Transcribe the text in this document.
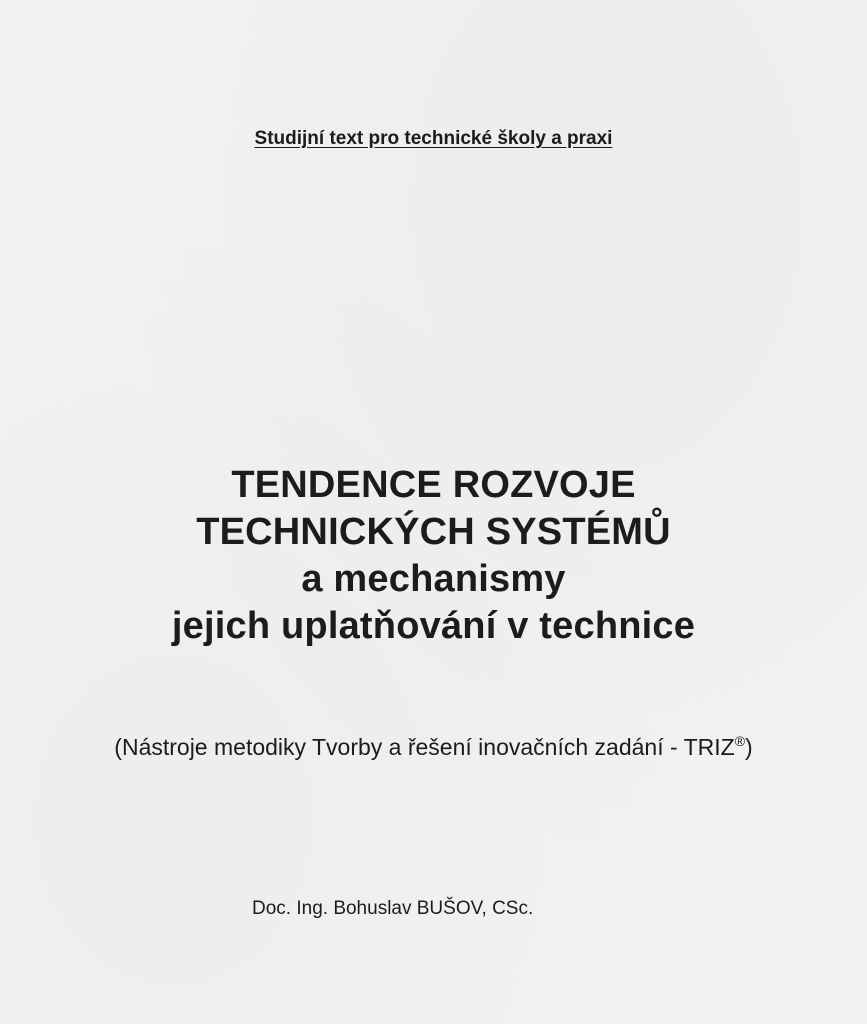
Studijní text pro technické školy a praxi
TENDENCE ROZVOJE
TECHNICKÝCH SYSTÉMŮ
a mechanismy
jejich uplatňování v technice
(Nástroje metodiky Tvorby a řešení inovačních zadání - TRIZ®)
Doc. Ing. Bohuslav BUŠOV, CSc.
